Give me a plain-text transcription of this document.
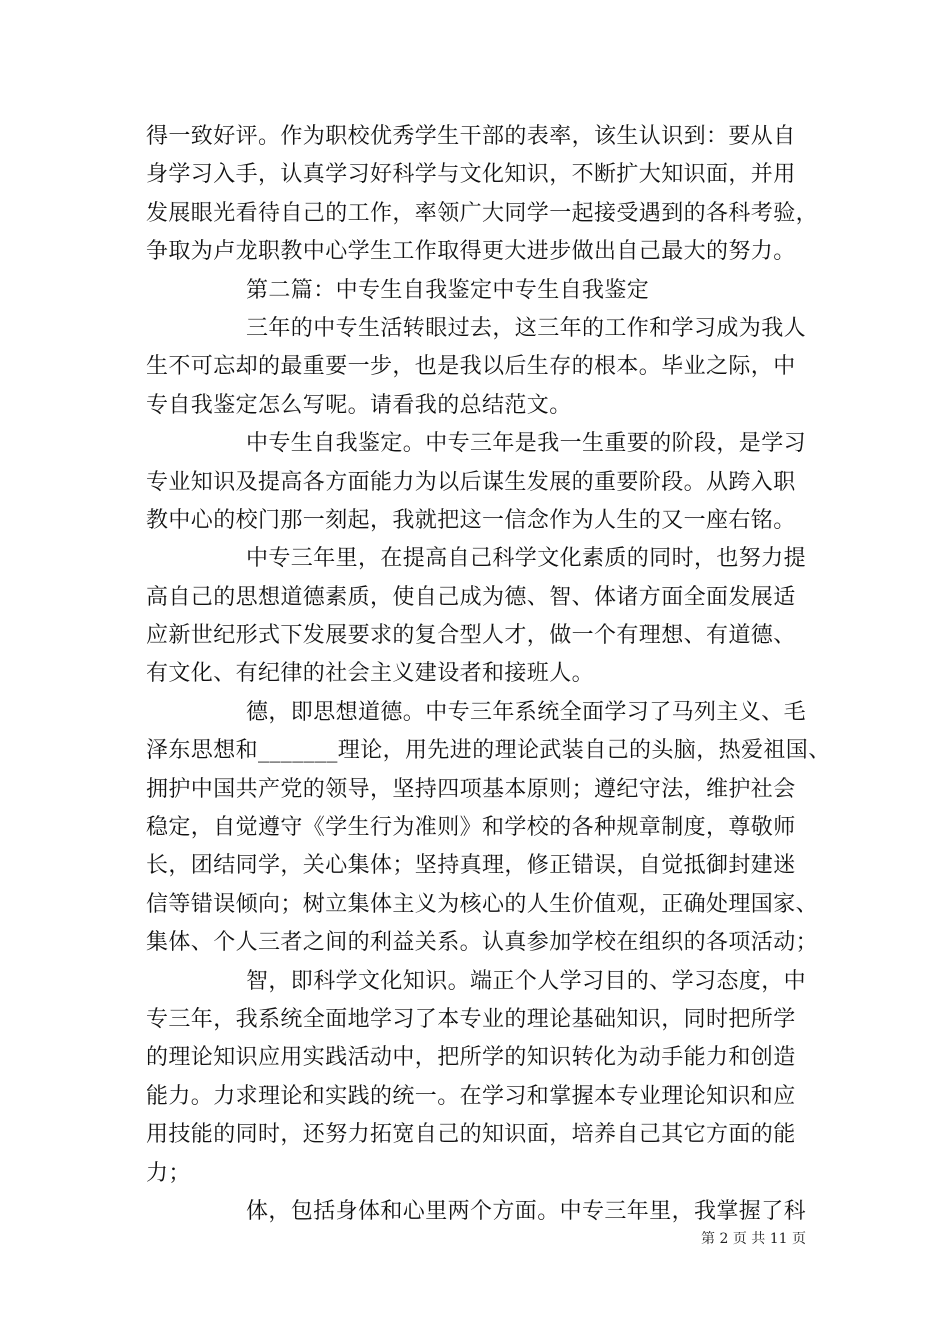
得一致好评。作为职校优秀学生干部的表率，该生认识到：要从自
身学习入手，认真学习好科学与文化知识，不断扩大知识面，并用
发展眼光看待自己的工作，率领广大同学一起接受遇到的各科考验，
争取为卢龙职教中心学生工作取得更大进步做出自己最大的努力。
第二篇：中专生自我鉴定中专生自我鉴定
三年的中专生活转眼过去，这三年的工作和学习成为我人
生不可忘却的最重要一步，也是我以后生存的根本。毕业之际，中
专自我鉴定怎么写呢。请看我的总结范文。
中专生自我鉴定。中专三年是我一生重要的阶段，是学习
专业知识及提高各方面能力为以后谋生发展的重要阶段。从跨入职
教中心的校门那一刻起，我就把这一信念作为人生的又一座右铭。
中专三年里，在提高自己科学文化素质的同时，也努力提
高自己的思想道德素质，使自己成为德、智、体诸方面全面发展适
应新世纪形式下发展要求的复合型人才，做一个有理想、有道德、
有文化、有纪律的社会主义建设者和接班人。
德，即思想道德。中专三年系统全面学习了马列主义、毛
泽东思想和_______理论，用先进的理论武装自己的头脑，热爱祖国、
拥护中国共产党的领导，坚持四项基本原则；遵纪守法，维护社会
稳定，自觉遵守《学生行为准则》和学校的各种规章制度，尊敬师
长，团结同学，关心集体；坚持真理，修正错误，自觉抵御封建迷
信等错误倾向；树立集体主义为核心的人生价值观，正确处理国家、
集体、个人三者之间的利益关系。认真参加学校在组织的各项活动；
智，即科学文化知识。端正个人学习目的、学习态度，中
专三年，我系统全面地学习了本专业的理论基础知识，同时把所学
的理论知识应用实践活动中，把所学的知识转化为动手能力和创造
能力。力求理论和实践的统一。在学习和掌握本专业理论知识和应
用技能的同时，还努力拓宽自己的知识面，培养自己其它方面的能
力；
体，包括身体和心里两个方面。中专三年里，我掌握了科
第 2 页 共 11 页
